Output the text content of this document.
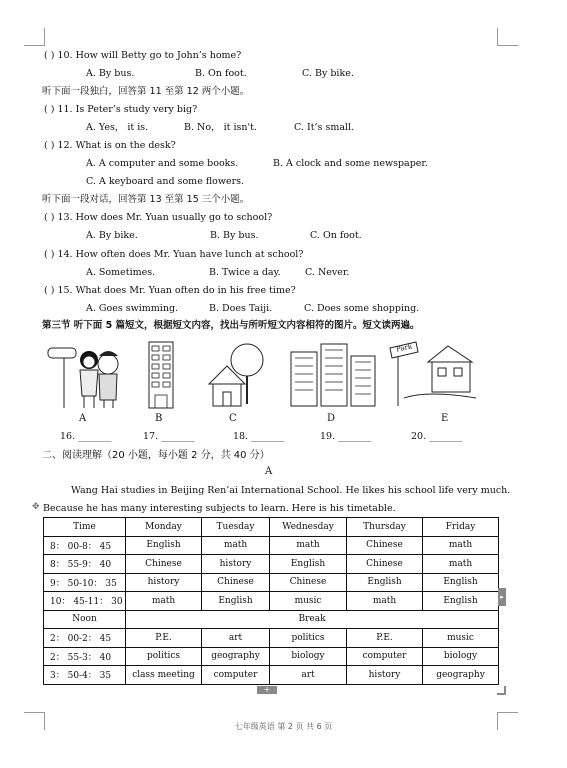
( ) 10. How will Betty go to John’s home?
A. By bus.	B. On foot.	C. By bike.
听下面一段独白，回答第 11 至第 12 两个小题。
( ) 11. Is Peter’s study very big?
A. Yes， it is.	B. No， it isn't.	C. It’s small.
( ) 12. What is on the desk?
A. A computer and some books.	B. A clock and some newspaper.
C. A keyboard and some flowers.
听下面一段对话，回答第 13 至第 15 三个小题。
( ) 13. How does Mr. Yuan usually go to school?
A. By bike.	B. By bus.	C. On foot.
( ) 14. How often does Mr. Yuan have lunch at school?
A. Sometimes.	B. Twice a day.	C. Never.
( ) 15. What does Mr. Yuan often do in his free time?
A. Goes swimming.	B. Does Taiji.	C. Does some shopping.
第三节 听下面 5 篇短文，根据短文内容，找出与所听短文内容相符的图片。短文读两遍。
Park
A	B	C	D	E
16. _______	17. _______	18. _______	19. _______	20. _______
二、阅读理解（20 小题，每小题 2 分，共 40 分）
A
Wang Hai studies in Beijing Ren’ai International School. He likes his school life very much.
✥ Because he has many interesting subjects to learn. Here is his timetable.
Time	Monday	Tuesday	Wednesday	Thursday	Friday
8： 00-8： 45	English	math	math	Chinese	math
8： 55-9： 40	Chinese	history	English	Chinese	math
9： 50-10： 35	history	Chinese	Chinese	English	English
10： 45-11： 30	math	English	music	math	English
Noon	Break				
2： 00-2： 45	P.E.	art	politics	P.E.	music
2： 55-3： 40	politics	geography	biology	computer	biology
3： 50-4： 35	class meeting	computer	art	history	geography
▸
+
七年级英语 第 2 页 共 6 页
